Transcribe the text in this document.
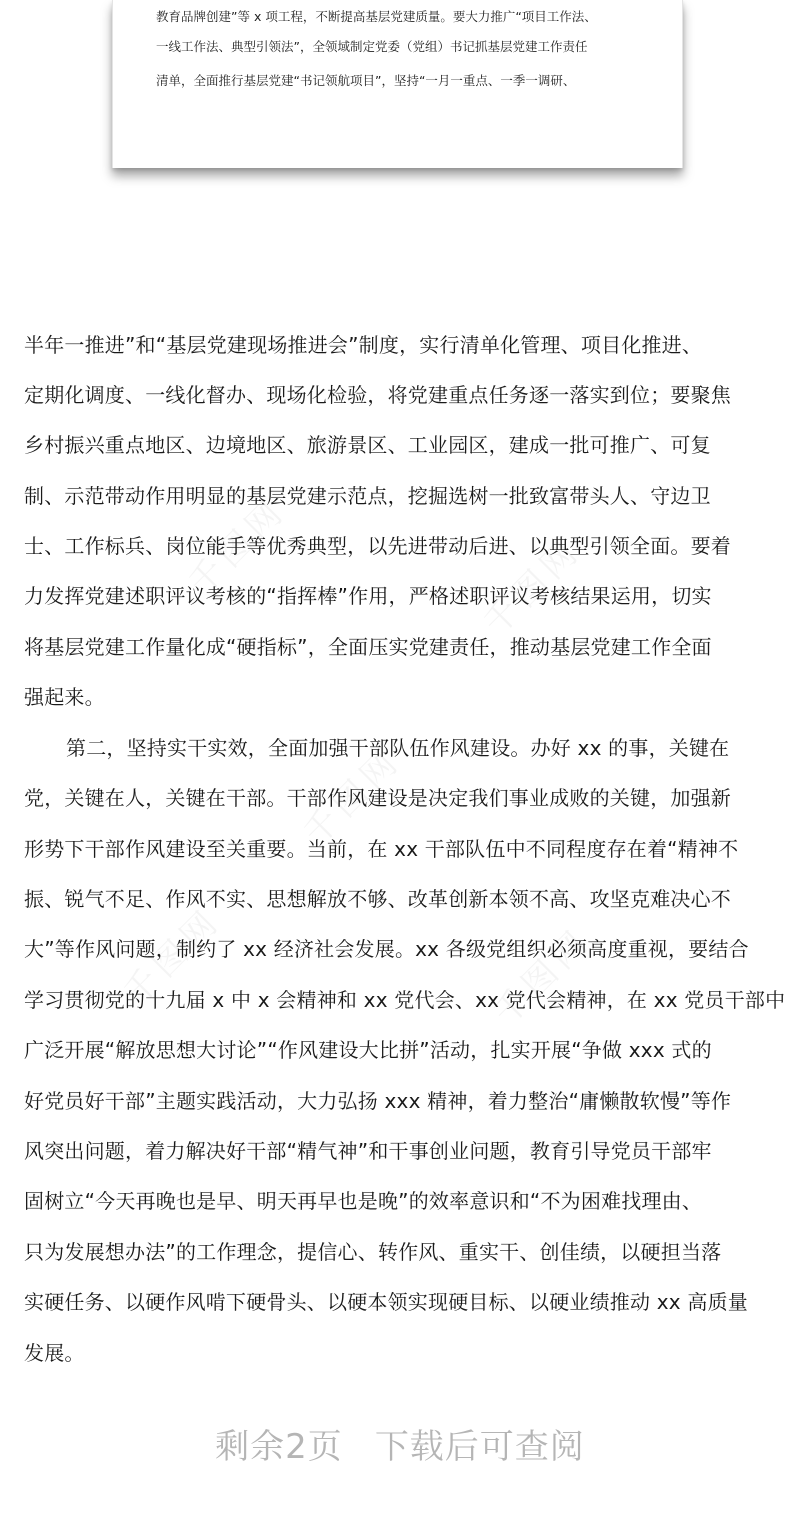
教育品牌创建”等 x 项工程，不断提高基层党建质量。要大力推广“项目工作法、
一线工作法、典型引领法”，全领域制定党委（党组）书记抓基层党建工作责任
清单，全面推行基层党建“书记领航项目”，坚持“一月一重点、一季一调研、
半年一推进”和“基层党建现场推进会”制度，实行清单化管理、项目化推进、
定期化调度、一线化督办、现场化检验，将党建重点任务逐一落实到位；要聚焦
乡村振兴重点地区、边境地区、旅游景区、工业园区，建成一批可推广、可复
制、示范带动作用明显的基层党建示范点，挖掘选树一批致富带头人、守边卫
士、工作标兵、岗位能手等优秀典型，以先进带动后进、以典型引领全面。要着
力发挥党建述职评议考核的“指挥棒”作用，严格述职评议考核结果运用，切实
将基层党建工作量化成“硬指标”，全面压实党建责任，推动基层党建工作全面
强起来。
第二，坚持实干实效，全面加强干部队伍作风建设。办好 xx 的事，关键在
党，关键在人，关键在干部。干部作风建设是决定我们事业成败的关键，加强新
形势下干部作风建设至关重要。当前，在 xx 干部队伍中不同程度存在着“精神不
振、锐气不足、作风不实、思想解放不够、改革创新本领不高、攻坚克难决心不
大”等作风问题，制约了 xx 经济社会发展。xx 各级党组织必须高度重视，要结合
学习贯彻党的十九届 x 中 x 会精神和 xx 党代会、xx 党代会精神，在 xx 党员干部中
广泛开展“解放思想大讨论”“作风建设大比拼”活动，扎实开展“争做 xxx 式的
好党员好干部”主题实践活动，大力弘扬 xxx 精神，着力整治“庸懒散软慢”等作
风突出问题，着力解决好干部“精气神”和干事创业问题，教育引导党员干部牢
固树立“今天再晚也是早、明天再早也是晚”的效率意识和“不为困难找理由、
只为发展想办法”的工作理念，提信心、转作风、重实干、创佳绩，以硬担当落
实硬任务、以硬作风啃下硬骨头、以硬本领实现硬目标、以硬业绩推动 xx 高质量
发展。
剩余2页 下载后可查阅
